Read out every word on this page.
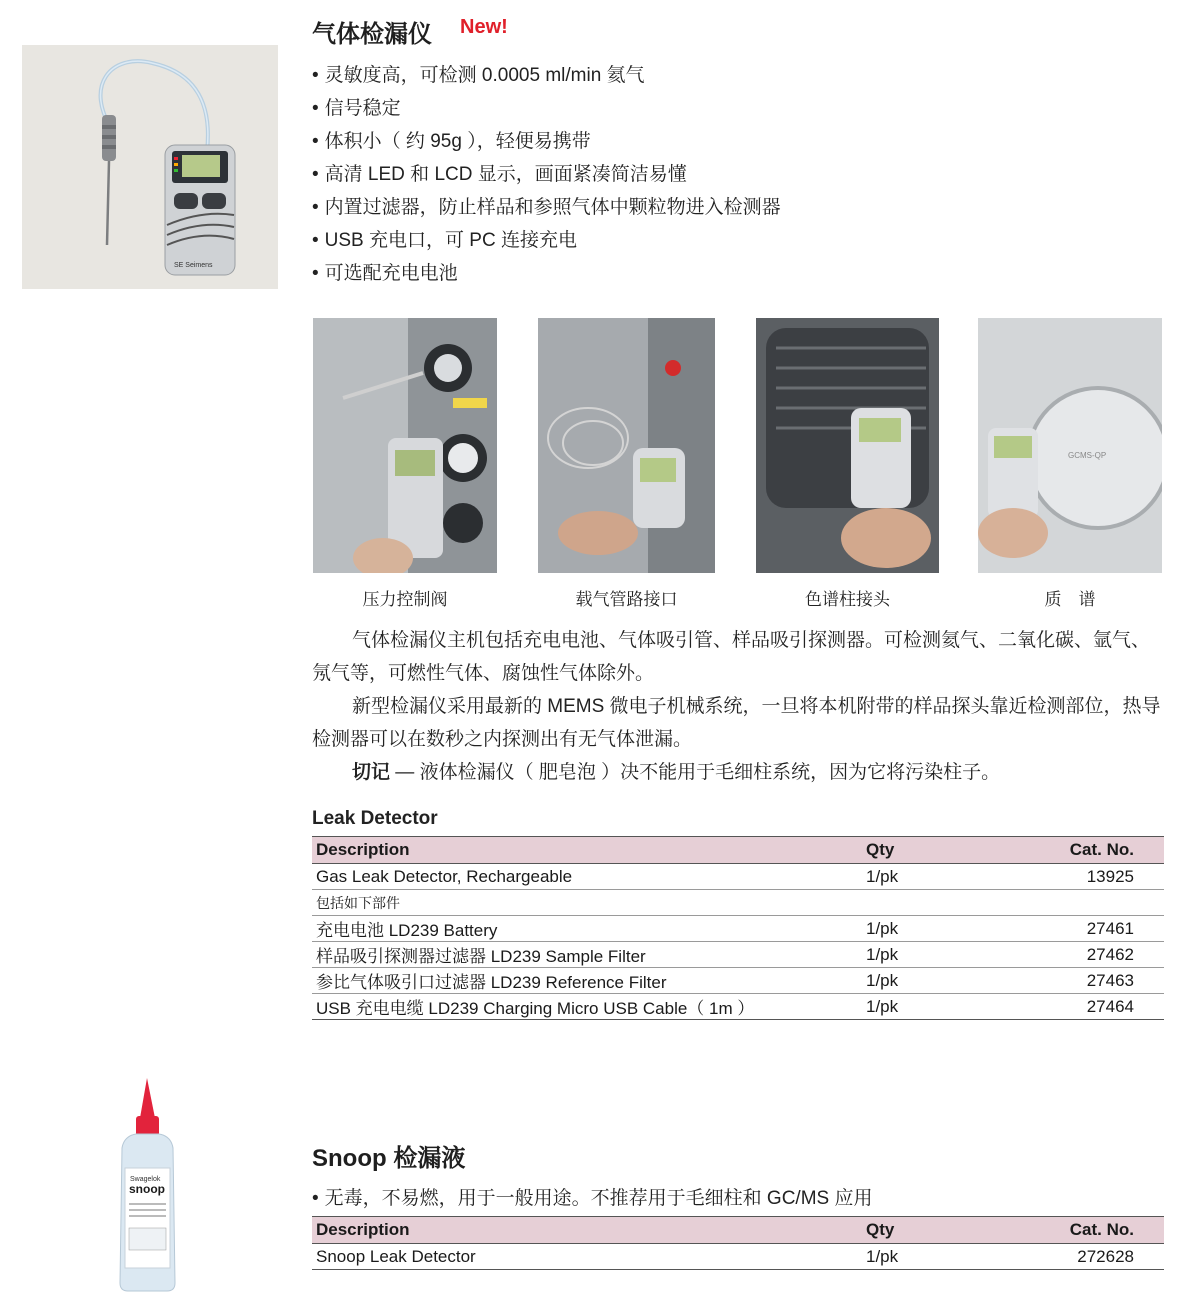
SE Seimens
气体检漏仪 New!
• 灵敏度高，可检测 0.0005 ml/min 氦气
• 信号稳定
• 体积小（ 约 95g ），轻便易携带
• 高清 LED 和 LCD 显示，画面紧凑简洁易懂
• 内置过滤器，防止样品和参照气体中颗粒物进入检测器
• USB 充电口，可 PC 连接充电
• 可选配充电电池
GCMS-QP
压力控制阀	载气管路接口	色谱柱接头	质　谱

气体检漏仪主机包括充电电池、气体吸引管、样品吸引探测器。可检测氦气、二氧化碳、氩气、氖气等，可燃性气体、腐蚀性气体除外。

新型检漏仪采用最新的 MEMS 微电子机械系统，一旦将本机附带的样品探头靠近检测部位，热导检测器可以在数秒之内探测出有无气体泄漏。

切记 — 液体检漏仪（ 肥皂泡 ）决不能用于毛细柱系统，因为它将污染柱子。

Leak Detector
Description	Qty	Cat. No.
Gas Leak Detector, Rechargeable	1/pk	13925
包括如下部件		
充电电池 LD239 Battery	1/pk	27461
样品吸引探测器过滤器 LD239 Sample Filter	1/pk	27462
参比气体吸引口过滤器 LD239 Reference Filter	1/pk	27463
USB 充电电缆 LD239 Charging Micro USB Cable（ 1m ）	1/pk	27464
Swagelok
snoop
Snoop 检漏液
• 无毒，不易燃，用于一般用途。不推荐用于毛细柱和 GC/MS 应用
Description	Qty	Cat. No.
Snoop Leak Detector	1/pk	272628
